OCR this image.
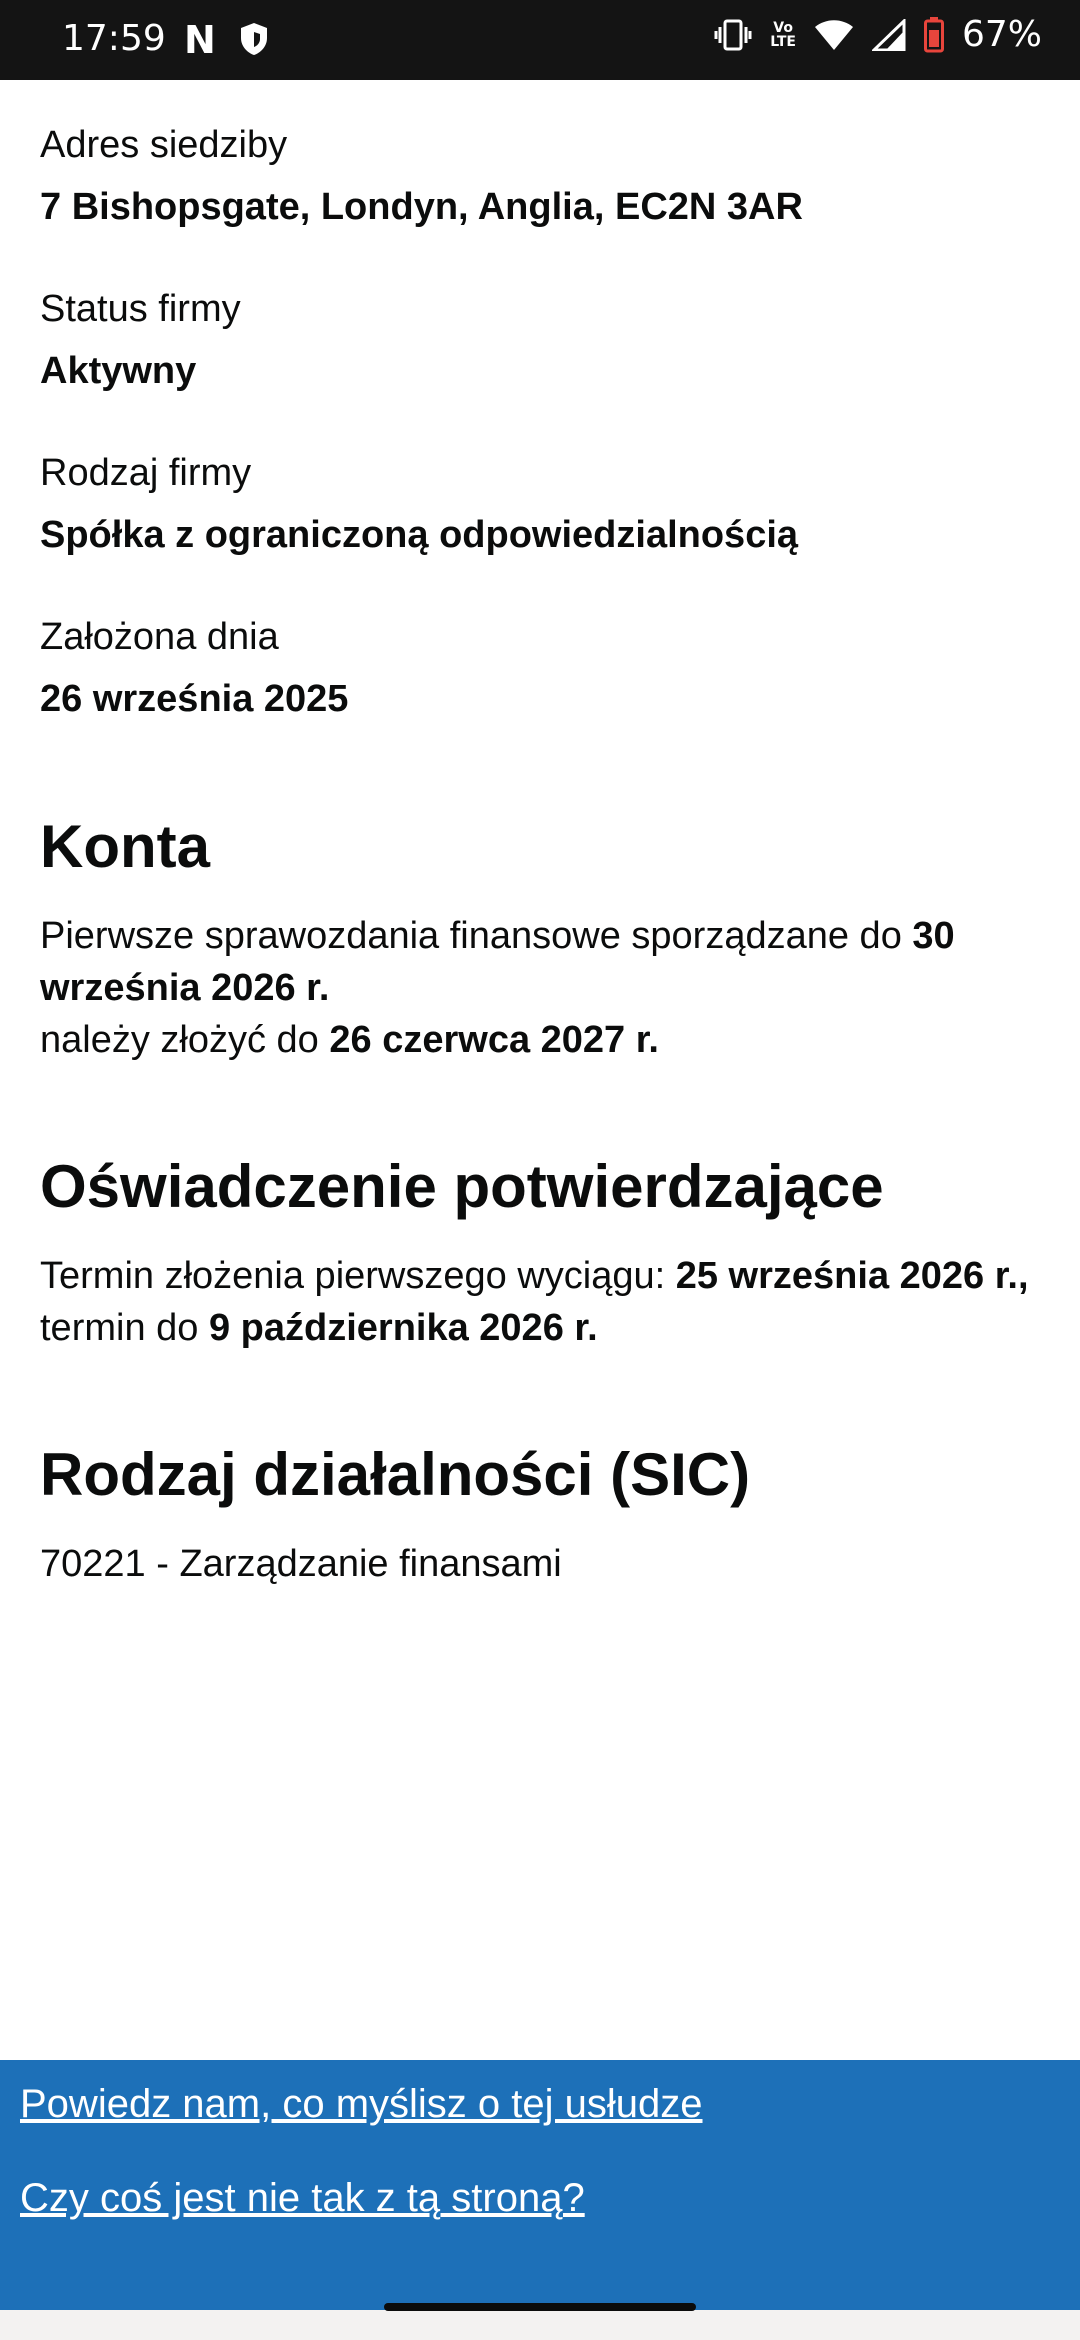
17:59 N	Vo
LTE	67%
Adres siedziby
7 Bishopsgate, Londyn, Anglia, EC2N 3AR
Status firmy
Aktywny
Rodzaj firmy
Spółka z ograniczoną odpowiedzialnością
Założona dnia
26 września 2025
Konta
Pierwsze sprawozdania finansowe sporządzane do 30 września 2026 r.
należy złożyć do 26 czerwca 2027 r.
Oświadczenie potwierdzające
Termin złożenia pierwszego wyciągu: 25 września 2026 r.,
termin do 9 października 2026 r.
Rodzaj działalności (SIC)
70221 - Zarządzanie finansami
Powiedz nam, co myślisz o tej usłudze
Czy coś jest nie tak z tą stroną?
